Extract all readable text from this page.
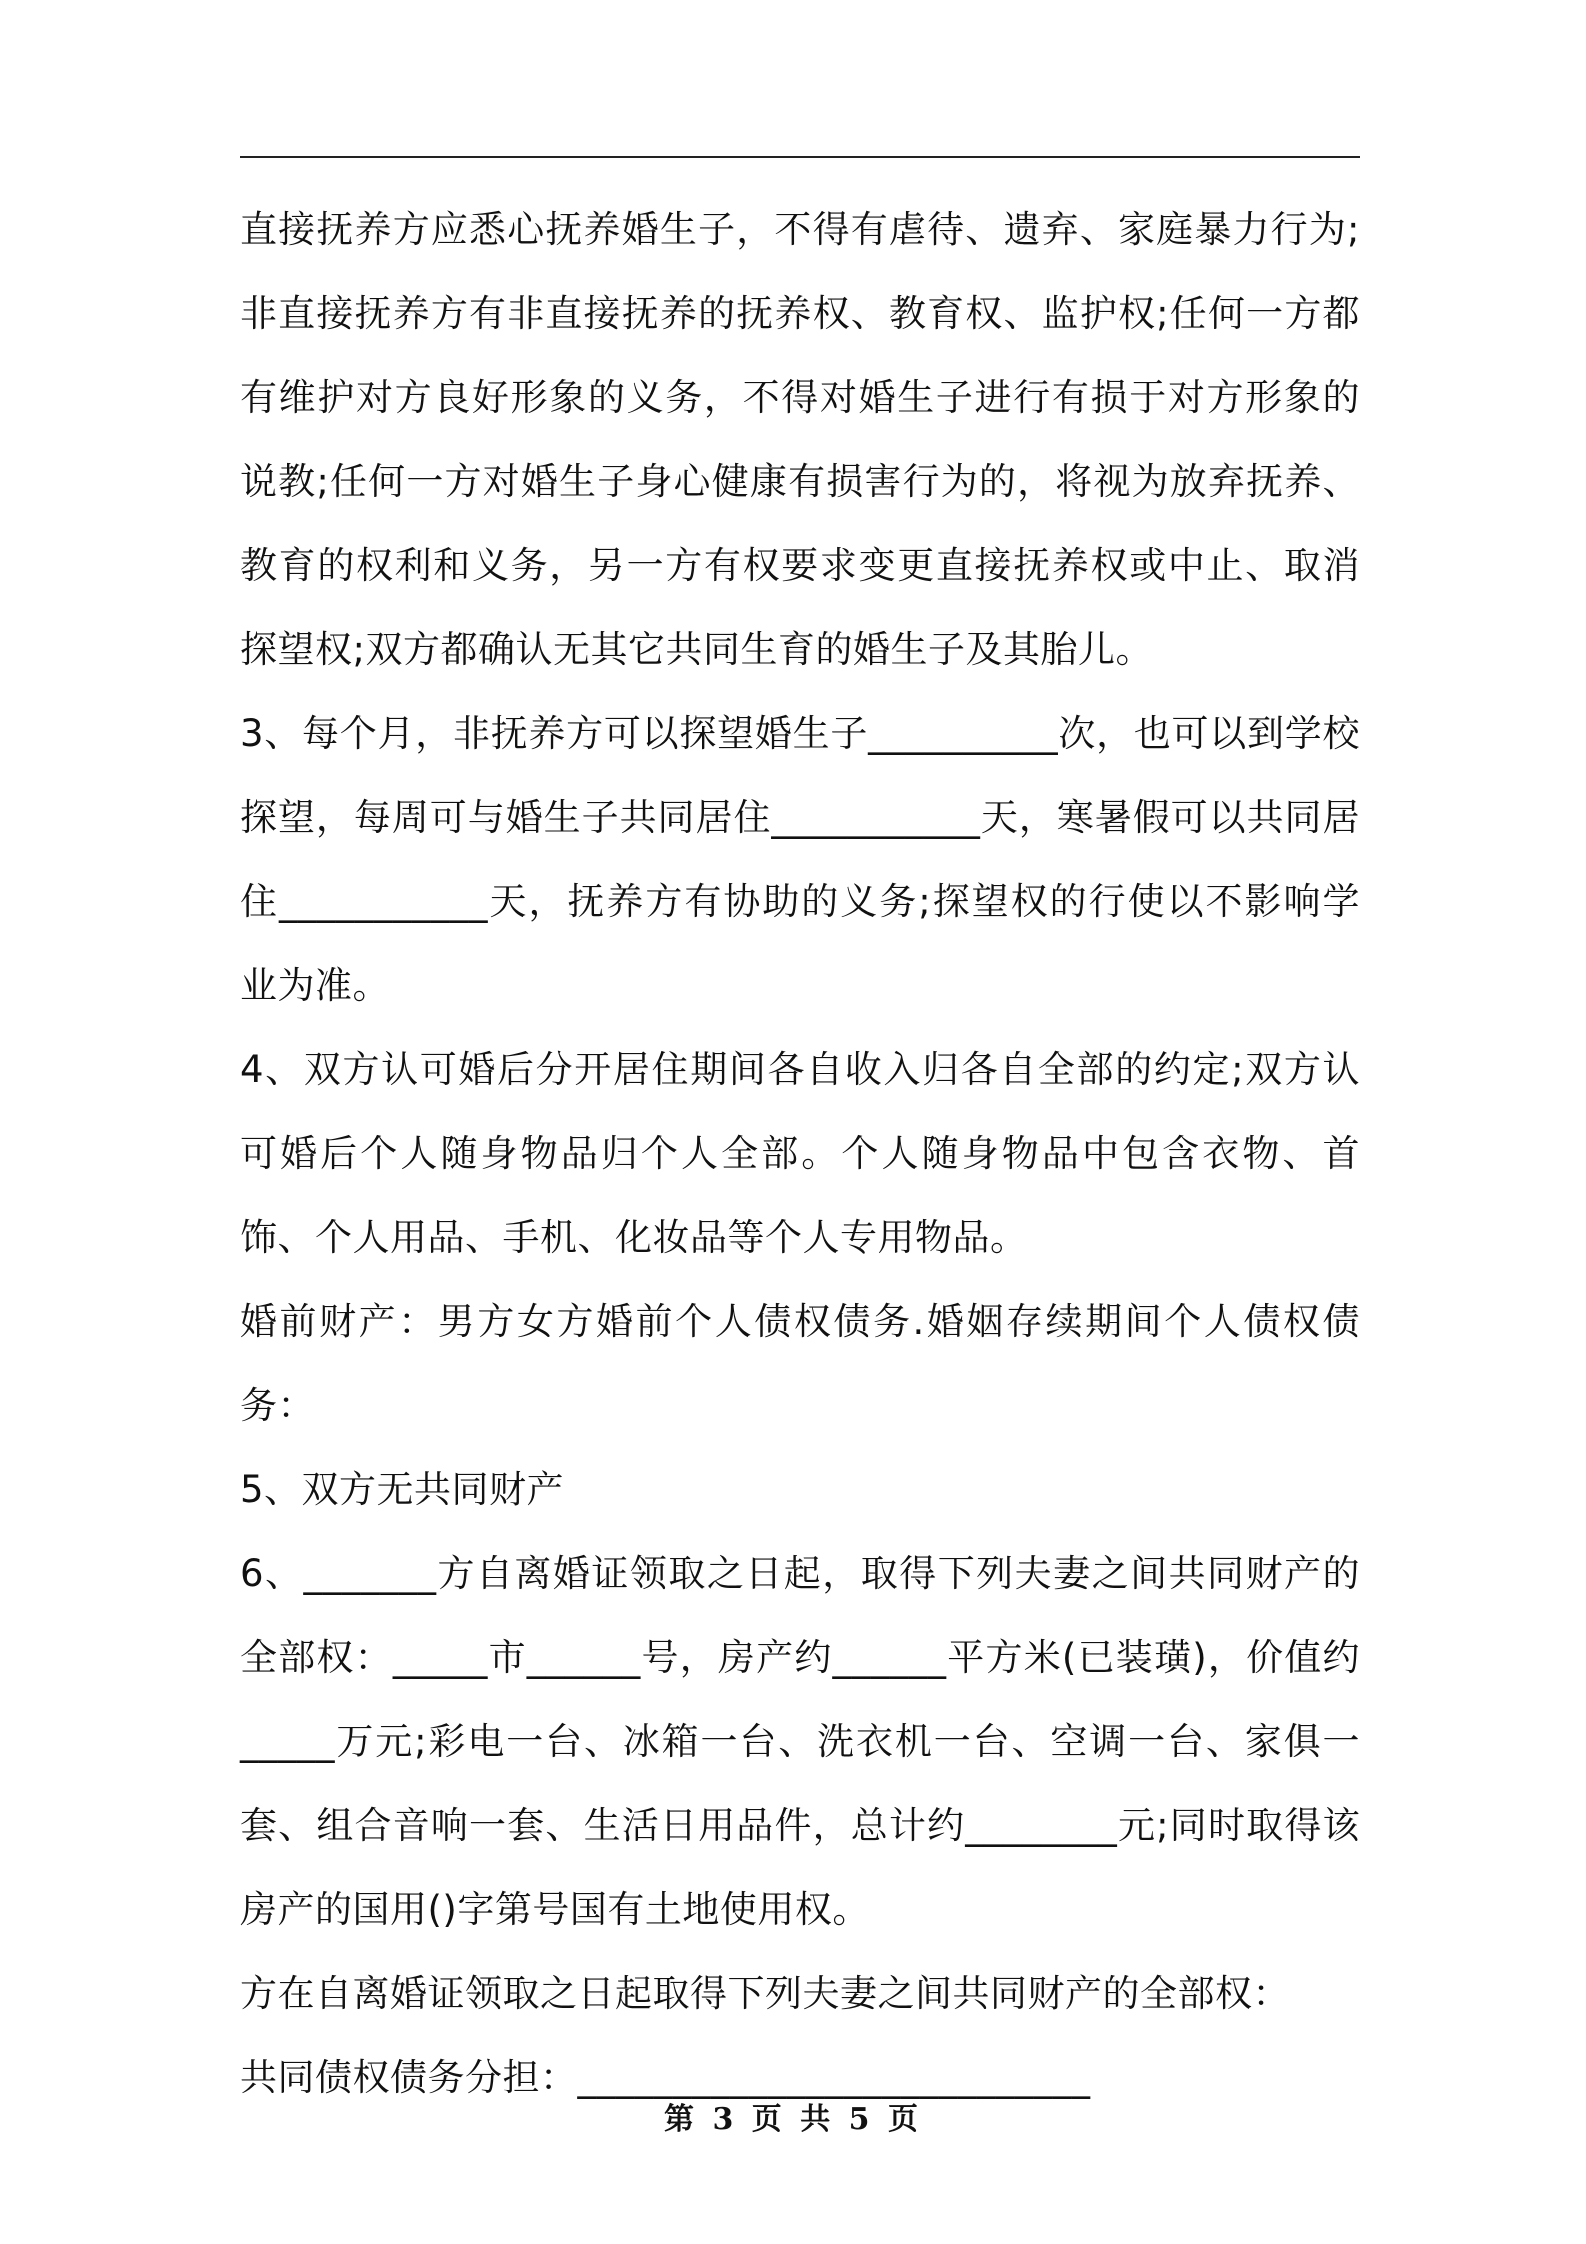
直接抚养方应悉心抚养婚生子，不得有虐待、遗弃、家庭暴力行为;非直接抚养方有非直接抚养的抚养权、教育权、监护权;任何一方都有维护对方良好形象的义务，不得对婚生子进行有损于对方形象的说教;任何一方对婚生子身心健康有损害行为的，将视为放弃抚养、教育的权利和义务，另一方有权要求变更直接抚养权或中止、取消探望权;双方都确认无其它共同生育的婚生子及其胎儿。

3、每个月，非抚养方可以探望婚生子__________次，也可以到学校探望，每周可与婚生子共同居住___________天，寒暑假可以共同居住___________天，抚养方有协助的义务;探望权的行使以不影响学业为准。

4、双方认可婚后分开居住期间各自收入归各自全部的约定;双方认可婚后个人随身物品归个人全部。个人随身物品中包含衣物、首饰、个人用品、手机、化妆品等个人专用物品。

婚前财产：男方女方婚前个人债权债务.婚姻存续期间个人债权债务：

5、双方无共同财产

6、_______方自离婚证领取之日起，取得下列夫妻之间共同财产的全部权：_____市______号，房产约______平方米(已装璜)，价值约_____万元;彩电一台、冰箱一台、洗衣机一台、空调一台、家俱一套、组合音响一套、生活日用品件，总计约________元;同时取得该房产的国用()字第号国有土地使用权。

方在自离婚证领取之日起取得下列夫妻之间共同财产的全部权：

共同债权债务分担：___________________________

第 3 页 共 5 页
